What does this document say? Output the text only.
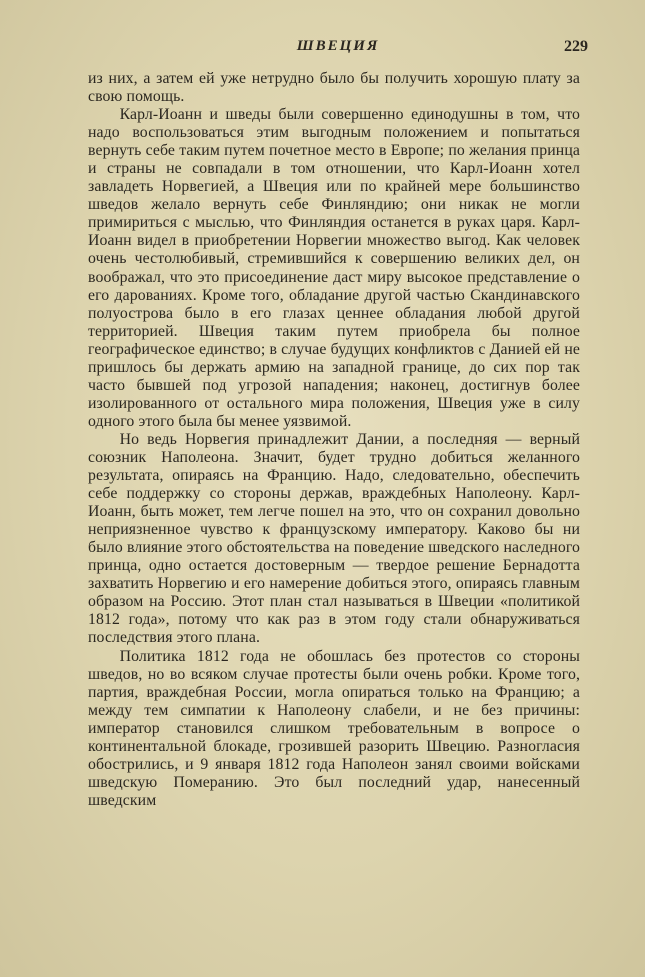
ШВЕЦИЯ	229

из них, а затем ей уже нетрудно было бы получить хорошую плату за свою помощь.

Карл-Иоанн и шведы были совершенно единодушны в том, что надо воспользоваться этим выгодным положением и попытаться вернуть себе таким путем почетное место в Европе; по желания принца и страны не совпадали в том отношении, что Карл-Иоанн хотел завладеть Норвегией, а Швеция или по крайней мере большинство шведов желало вернуть себе Финляндию; они никак не могли примириться с мыслью, что Финляндия останется в руках царя. Карл-Иоанн видел в приобретении Норвегии множество выгод. Как человек очень честолюбивый, стремившийся к совершению великих дел, он воображал, что это присоединение даст миру высокое представление о его дарованиях. Кроме того, обладание другой частью Скандинавского полуострова было в его глазах ценнее обладания любой другой территорией. Швеция таким путем приобрела бы полное географическое единство; в случае будущих конфликтов с Данией ей не пришлось бы держать армию на западной границе, до сих пор так часто бывшей под угрозой нападения; наконец, достигнув более изолированного от остального мира положения, Швеция уже в силу одного этого была бы менее уязвимой.

Но ведь Норвегия принадлежит Дании, а последняя — верный союзник Наполеона. Значит, будет трудно добиться желанного результата, опираясь на Францию. Надо, следовательно, обеспечить себе поддержку со стороны держав, враждебных Наполеону. Карл-Иоанн, быть может, тем легче пошел на это, что он сохранил довольно неприязненное чувство к французскому императору. Каково бы ни было влияние этого обстоятельства на поведение шведского наследного принца, одно остается достоверным — твердое решение Бернадотта захватить Норвегию и его намерение добиться этого, опираясь главным образом на Россию. Этот план стал называться в Швеции «политикой 1812 года», потому что как раз в этом году стали обнаруживаться последствия этого плана.

Политика 1812 года не обошлась без протестов со стороны шведов, но во всяком случае протесты были очень робки. Кроме того, партия, враждебная России, могла опираться только на Францию; а между тем симпатии к Наполеону слабели, и не без причины: император становился слишком требовательным в вопросе о континентальной блокаде, грозившей разорить Швецию. Разногласия обострились, и 9 января 1812 года Наполеон занял своими войсками шведскую Померанию. Это был последний удар, нанесенный шведским
